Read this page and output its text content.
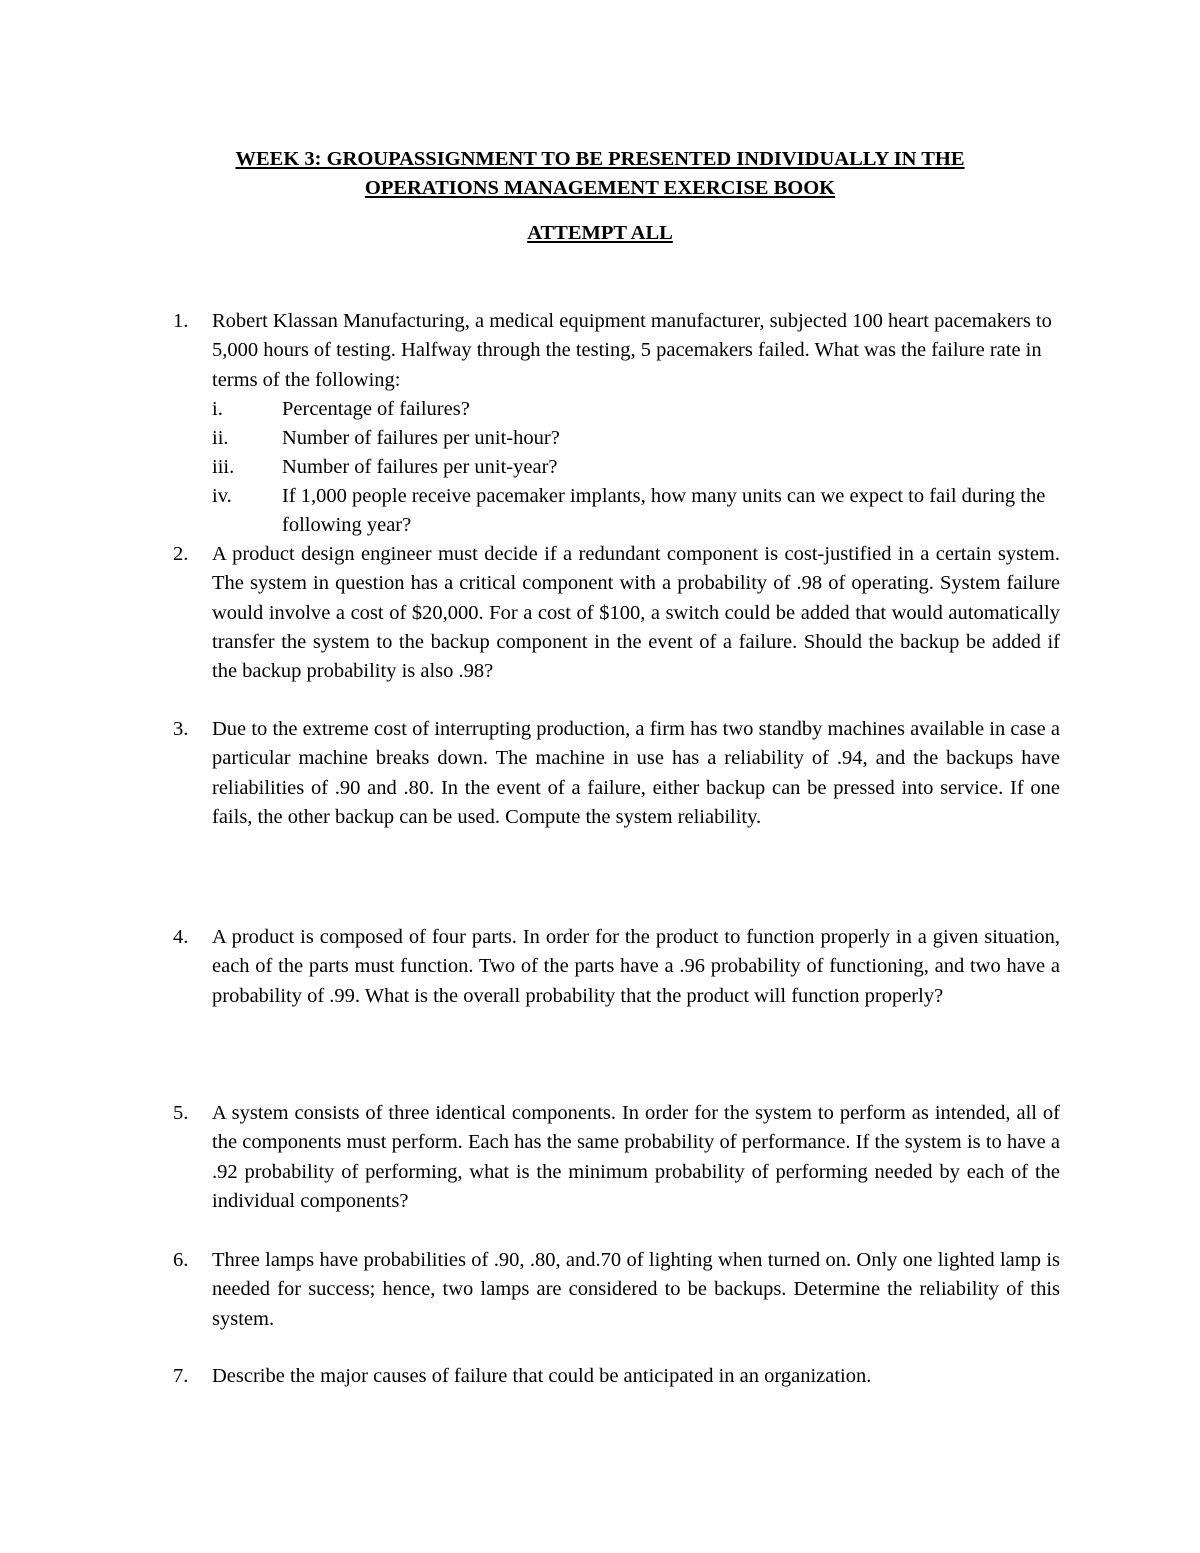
WEEK 3: GROUPASSIGNMENT TO BE PRESENTED INDIVIDUALLY IN THE
OPERATIONS MANAGEMENT EXERCISE BOOK
ATTEMPT ALL
1. Robert Klassan Manufacturing, a medical equipment manufacturer, subjected 100 heart pacemakers to 5,000 hours of testing. Halfway through the testing, 5 pacemakers failed. What was the failure rate in terms of the following:
i.	Percentage of failures?
ii.	Number of failures per unit-hour?
iii. Number of failures per unit-year?
iv. If 1,000 people receive pacemaker implants, how many units can we expect to fail during the following year?
2. A product design engineer must decide if a redundant component is cost-justified in a certain system. The system in question has a critical component with a probability of .98 of operating. System failure would involve a cost of $20,000. For a cost of $100, a switch could be added that would automatically transfer the system to the backup component in the event of a failure. Should the backup be added if the backup probability is also .98?
3. Due to the extreme cost of interrupting production, a firm has two standby machines available in case a particular machine breaks down. The machine in use has a reliability of .94, and the backups have reliabilities of .90 and .80. In the event of a failure, either backup can be pressed into service. If one fails, the other backup can be used. Compute the system reliability.
4. A product is composed of four parts. In order for the product to function properly in a given situation, each of the parts must function. Two of the parts have a .96 probability of functioning, and two have a probability of .99. What is the overall probability that the product will function properly?
5. A system consists of three identical components. In order for the system to perform as intended, all of the components must perform. Each has the same probability of performance. If the system is to have a .92 probability of performing, what is the minimum probability of performing needed by each of the individual components?
6. Three lamps have probabilities of .90, .80, and.70 of lighting when turned on. Only one lighted lamp is needed for success; hence, two lamps are considered to be backups. Determine the reliability of this system.
7. Describe the major causes of failure that could be anticipated in an organization.
